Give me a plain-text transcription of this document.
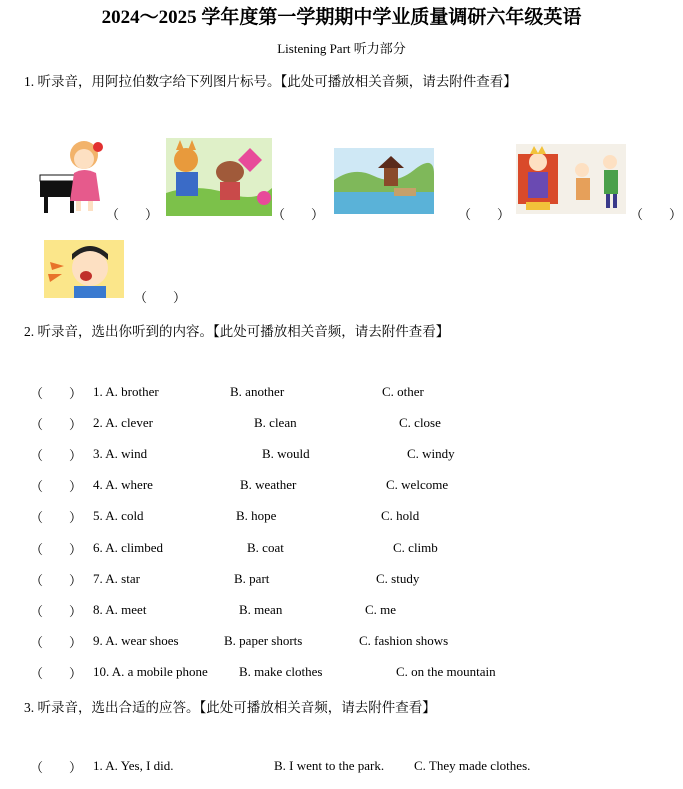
2024～2025 学年度第一学期期中学业质量调研六年级英语
Listening Part 听力部分
1. 听录音，用阿拉伯数字给下列图片标号。【此处可播放相关音频，请去附件查看】
（　　）	（　　）	（　　）	（　　）
（　　）
2. 听录音，选出你听到的内容。【此处可播放相关音频，请去附件查看】
（　　） 1. A. brother	B. another	C. other
（　　） 2. A. clever	B. clean	C. close
（　　） 3. A. wind	B. would	C. windy
（　　） 4. A. where	B. weather	C. welcome
（　　） 5. A. cold	B. hope	C. hold
（　　） 6. A. climbed	B. coat	C. climb
（　　） 7. A. star	B. part	C. study
（　　） 8. A. meet	B. mean	C. me
（　　） 9. A. wear shoes	B. paper shorts	C. fashion shows
（　　） 10. A. a mobile phone B. make clothes	C. on the mountain
3. 听录音，选出合适的应答。【此处可播放相关音频，请去附件查看】
（　　） 1. A. Yes, I did.	B. I went to the park. C. They made clothes.
